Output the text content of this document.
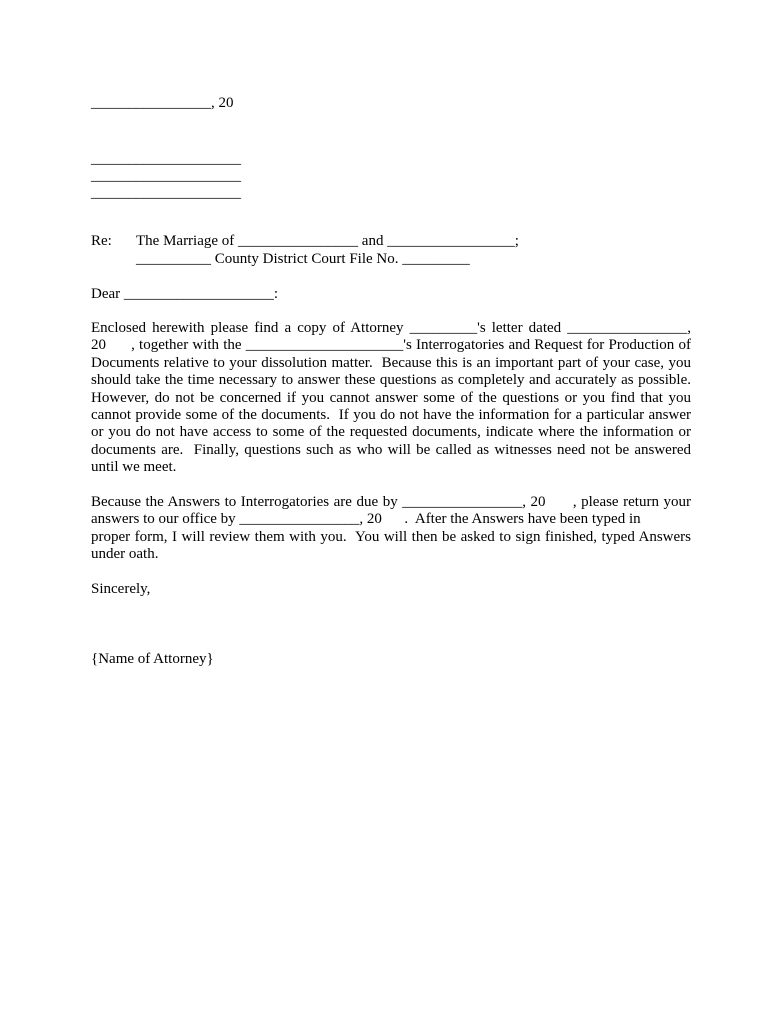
________________, 20
____________________
____________________
____________________
Re: The Marriage of ________________ and _________________;
__________ County District Court File No. _________
Dear ____________________:
Enclosed herewith please find a copy of Attorney _________'s letter dated ________________,
20      , together with the _____________________'s Interrogatories and Request for Production of
Documents relative to your dissolution matter.  Because this is an important part of your case, you
should take the time necessary to answer these questions as completely and accurately as possible.
However, do not be concerned if you cannot answer some of the questions or you find that you
cannot provide some of the documents.  If you do not have the information for a particular answer
or you do not have access to some of the requested documents, indicate where the information or
documents are.  Finally, questions such as who will be called as witnesses need not be answered
until we meet.
Because the Answers to Interrogatories are due by ________________, 20      , please return your
answers to our office by ________________, 20      .  After the Answers have been typed in
proper form, I will review them with you.  You will then be asked to sign finished, typed Answers
under oath.
Sincerely,
{Name of Attorney}
